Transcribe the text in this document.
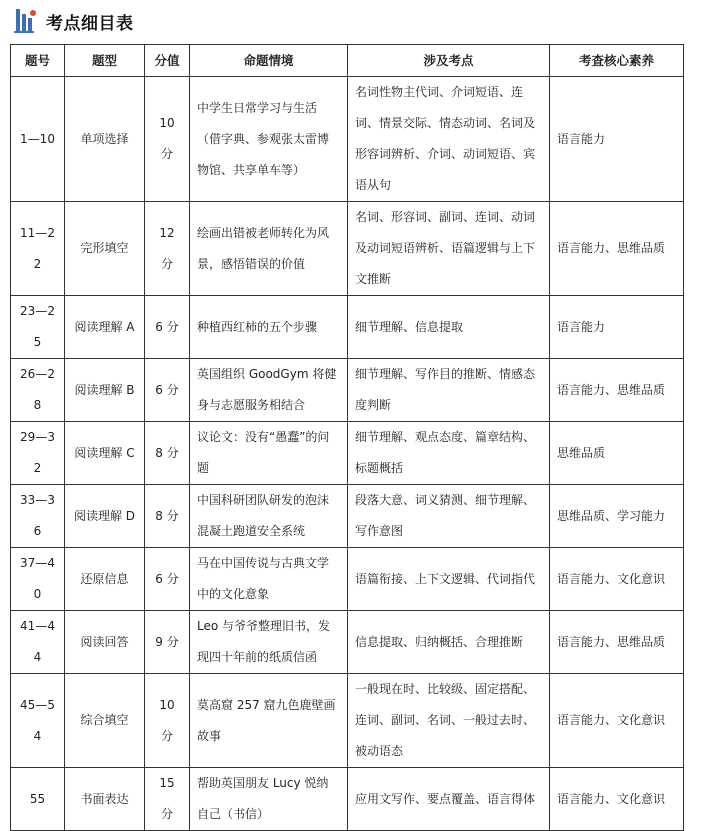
考点细目表
题号	题型	分值	命题情境	涉及考点	考查核心素养
1—10	单项选择	10 分	中学生日常学习与生活（借字典、参观张太雷博物馆、共享单车等）	名词性物主代词、介词短语、连词、情景交际、情态动词、名词及形容词辨析、介词、动词短语、宾语从句	语言能力
11—22	完形填空	12 分	绘画出错被老师转化为风景，感悟错误的价值	名词、形容词、副词、连词、动词及动词短语辨析、语篇逻辑与上下文推断	语言能力、思维品质
23—25	阅读理解 A	6 分	种植西红柿的五个步骤	细节理解、信息提取	语言能力
26—28	阅读理解 B	6 分	英国组织 GoodGym 将健身与志愿服务相结合	细节理解、写作目的推断、情感态度判断	语言能力、思维品质
29—32	阅读理解 C	8 分	议论文：没有“愚蠢”的问题	细节理解、观点态度、篇章结构、标题概括	思维品质
33—36	阅读理解 D	8 分	中国科研团队研发的泡沫混凝土跑道安全系统	段落大意、词义猜测、细节理解、写作意图	思维品质、学习能力
37—40	还原信息	6 分	马在中国传说与古典文学中的文化意象	语篇衔接、上下文逻辑、代词指代	语言能力、文化意识
41—44	阅读回答	9 分	Leo 与爷爷整理旧书，发现四十年前的纸质信函	信息提取、归纳概括、合理推断	语言能力、思维品质
45—54	综合填空	10 分	莫高窟 257 窟九色鹿壁画故事	一般现在时、比较级、固定搭配、连词、副词、名词、一般过去时、被动语态	语言能力、文化意识
55	书面表达	15 分	帮助英国朋友 Lucy 悦纳自己（书信）	应用文写作、要点覆盖、语言得体	语言能力、文化意识
